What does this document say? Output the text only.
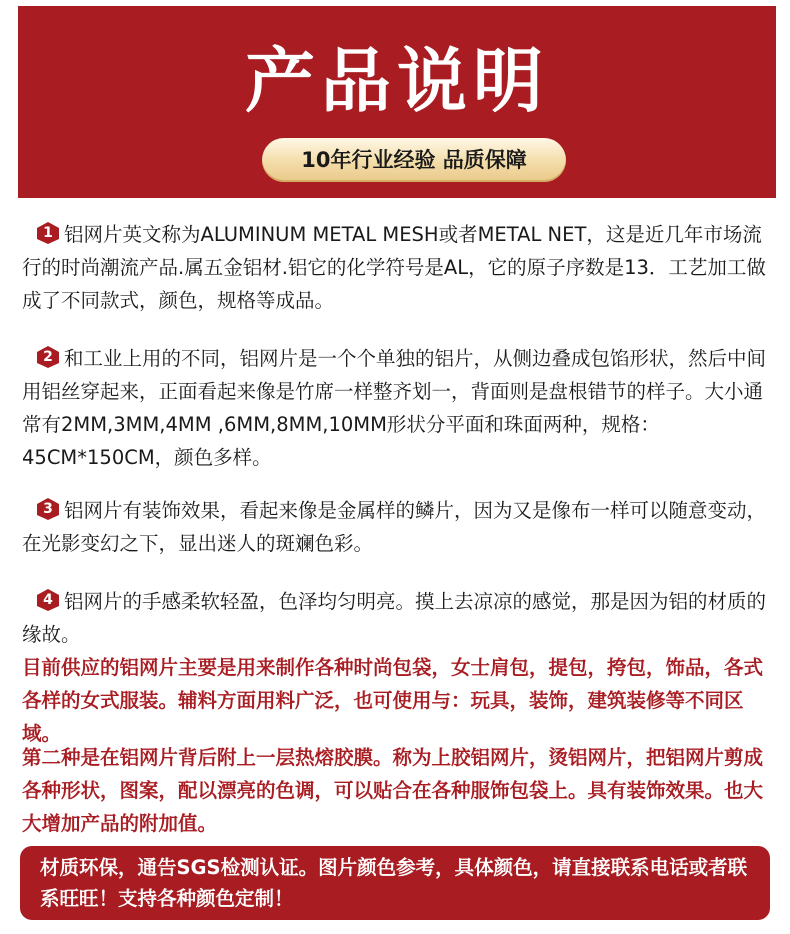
产品说明
10年行业经验 品质保障

1 铝网片英文称为ALUMINUM METAL MESH或者METAL NET，这是近几年市场流行的时尚潮流产品.属五金铝材.铝它的化学符号是AL，它的原子序数是13．工艺加工做成了不同款式，颜色，规格等成品。

2 和工业上用的不同，铝网片是一个个单独的铝片，从侧边叠成包馅形状，然后中间用铝丝穿起来，正面看起来像是竹席一样整齐划一，背面则是盘根错节的样子。大小通常有2MM,3MM,4MM ,6MM,8MM,10MM形状分平面和珠面两种，规格：45CM*150CM，颜色多样。

3 铝网片有装饰效果，看起来像是金属样的鳞片，因为又是像布一样可以随意变动，在光影变幻之下，显出迷人的斑斓色彩。

4 铝网片的手感柔软轻盈，色泽均匀明亮。摸上去凉凉的感觉，那是因为铝的材质的缘故。

目前供应的铝网片主要是用来制作各种时尚包袋，女士肩包，提包，挎包，饰品，各式各样的女式服装。辅料方面用料广泛，也可使用与：玩具，装饰，建筑装修等不同区域。

第二种是在铝网片背后附上一层热熔胶膜。称为上胶铝网片，烫铝网片，把铝网片剪成各种形状，图案，配以漂亮的色调，可以贴合在各种服饰包袋上。具有装饰效果。也大大增加产品的附加值。

材质环保，通告SGS检测认证。图片颜色参考，具体颜色，请直接联系电话或者联系旺旺！支持各种颜色定制！
